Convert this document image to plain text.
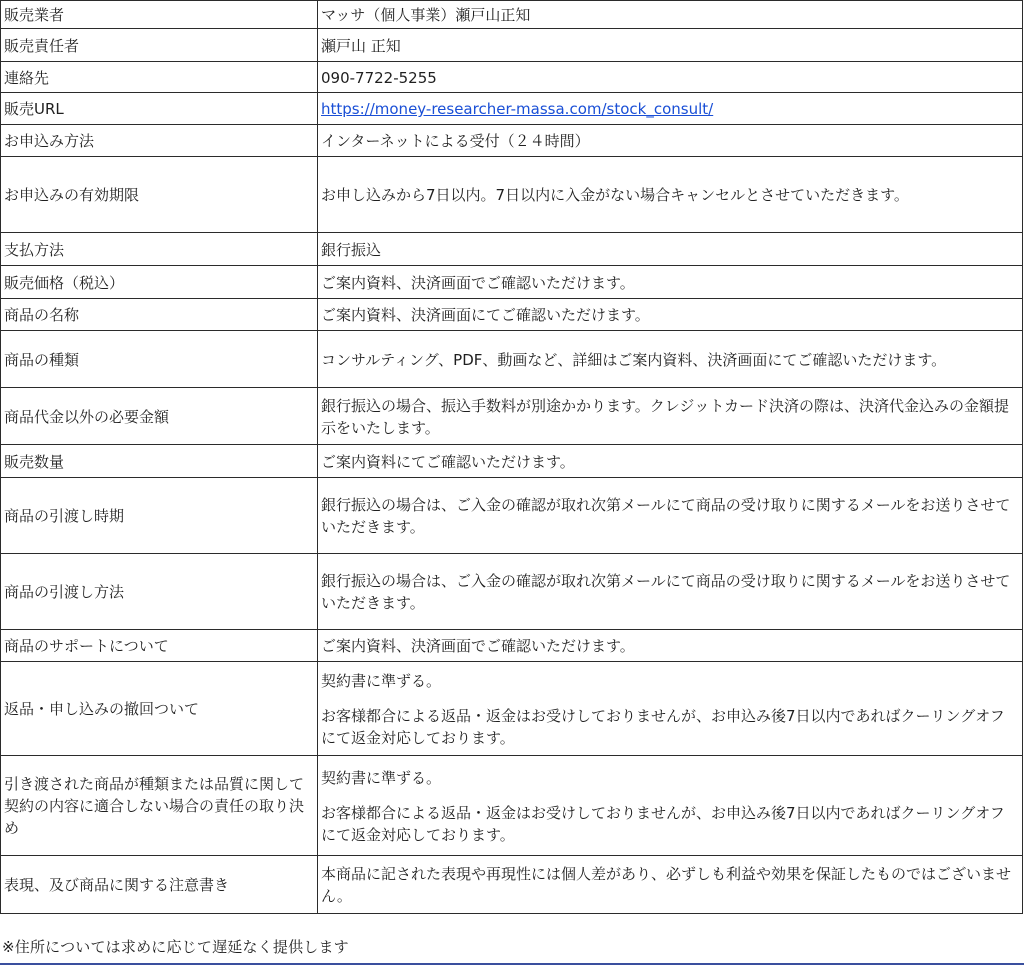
販売業者	マッサ（個人事業）瀬戸山正知
販売責任者	瀬戸山 正知
連絡先	090-7722-5255
販売URL	https://money-researcher-massa.com/stock_consult/
お申込み方法	インターネットによる受付（２４時間）
お申込みの有効期限	お申し込みから7日以内。7日以内に入金がない場合キャンセルとさせていただきます。
支払方法	銀行振込
販売価格（税込）	ご案内資料、決済画面でご確認いただけます。
商品の名称	ご案内資料、決済画面にてご確認いただけます。
商品の種類	コンサルティング、PDF、動画など、詳細はご案内資料、決済画面にてご確認いただけます。
商品代金以外の必要金額	銀行振込の場合、振込手数料が別途かかります。クレジットカード決済の際は、決済代金込みの金額提示をいたします。
販売数量	ご案内資料にてご確認いただけます。
商品の引渡し時期	銀行振込の場合は、ご入金の確認が取れ次第メールにて商品の受け取りに関するメールをお送りさせていただきます。
商品の引渡し方法	銀行振込の場合は、ご入金の確認が取れ次第メールにて商品の受け取りに関するメールをお送りさせていただきます。
商品のサポートについて	ご案内資料、決済画面でご確認いただけます。
返品・申し込みの撤回ついて	契約書に準ずる。
お客様都合による返品・返金はお受けしておりませんが、お申込み後7日以内であればクーリングオフにて返金対応しております。

引き渡された商品が種類または品質に関して契約の内容に適合しない場合の責任の取り決め	契約書に準ずる。
お客様都合による返品・返金はお受けしておりませんが、お申込み後7日以内であればクーリングオフにて返金対応しております。

表現、及び商品に関する注意書き	本商品に記された表現や再現性には個人差があり、必ずしも利益や効果を保証したものではございません。
※住所については求めに応じて遅延なく提供します
